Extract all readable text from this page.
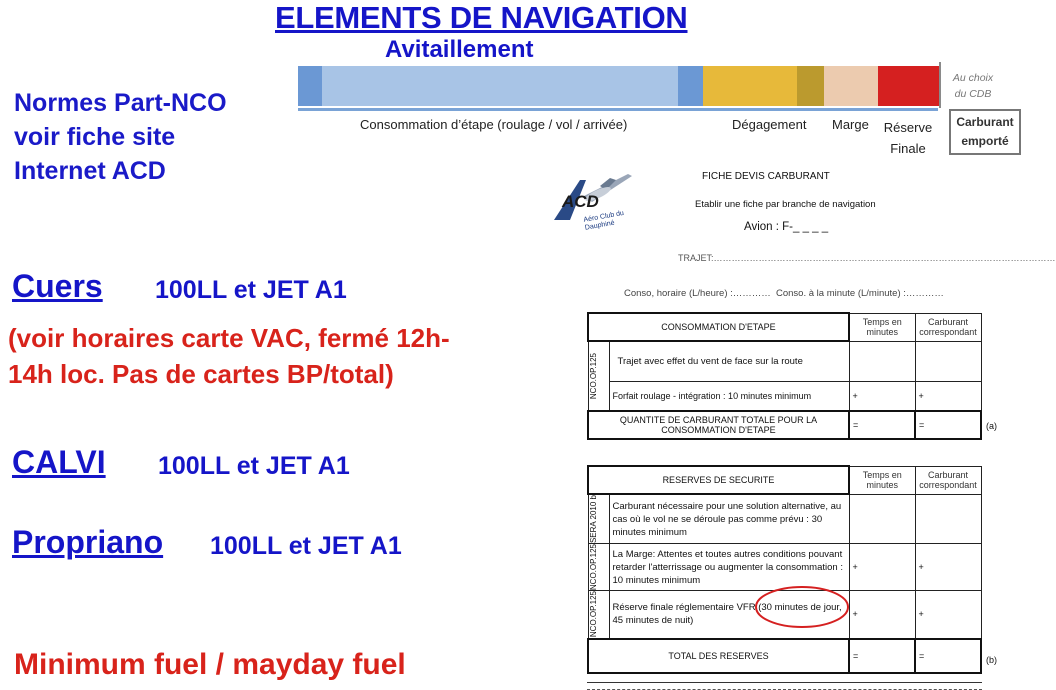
ELEMENTS DE NAVIGATION
Avitaillement
Normes Part-NCO
voir fiche site
Internet ACD
Cuers 100LL et JET A1
(voir horaires carte VAC, fermé 12h-
14h loc. Pas de cartes BP/total)
CALVI 100LL et JET A1
Propriano 100LL et JET A1
Minimum fuel / mayday fuel
Au choix
du CDB
Carburant
emporté
Consommation d’étape (roulage / vol / arrivée)	Dégagement Marge	Réserve
Finale
ACD
Aéro Club du Dauphiné
FICHE DEVIS CARBURANT
Etablir une fiche par branche de navigation
Avion : F-_ _ _ _
TRAJET:……………………………………………………………………………………………………
Conso, horaire (L/heure) :………… Conso. à la minute (L/minute) :…………
CONSOMMATION D'ETAPE		Temps en minutes	Carburant correspondant

NCO.OP.125	Trajet avec effet du vent de face sur la route		
	Forfait roulage - intégration : 10 minutes minimum	+	+
QUANTITE DE CARBURANT TOTALE POUR LA CONSOMMATION D'ETAPE		=	=	(a)
RESERVES DE SECURITE		Temps en minutes	Carburant correspondant

SERA 2010 b	Carburant nécessaire pour une solution alternative, au cas où le vol ne se déroule pas comme prévu : 30 minutes minimum		

NCO.OP.125	La Marge: Attentes et toutes autres conditions pouvant retarder l'atterrissage ou augmenter la consommation : 10 minutes minimum	+	+

NCO.OP.125	Réserve finale réglementaire VFR (30 minutes de jour, 45 minutes de nuit)	+	+
TOTAL DES RESERVES		=	=	(b)
